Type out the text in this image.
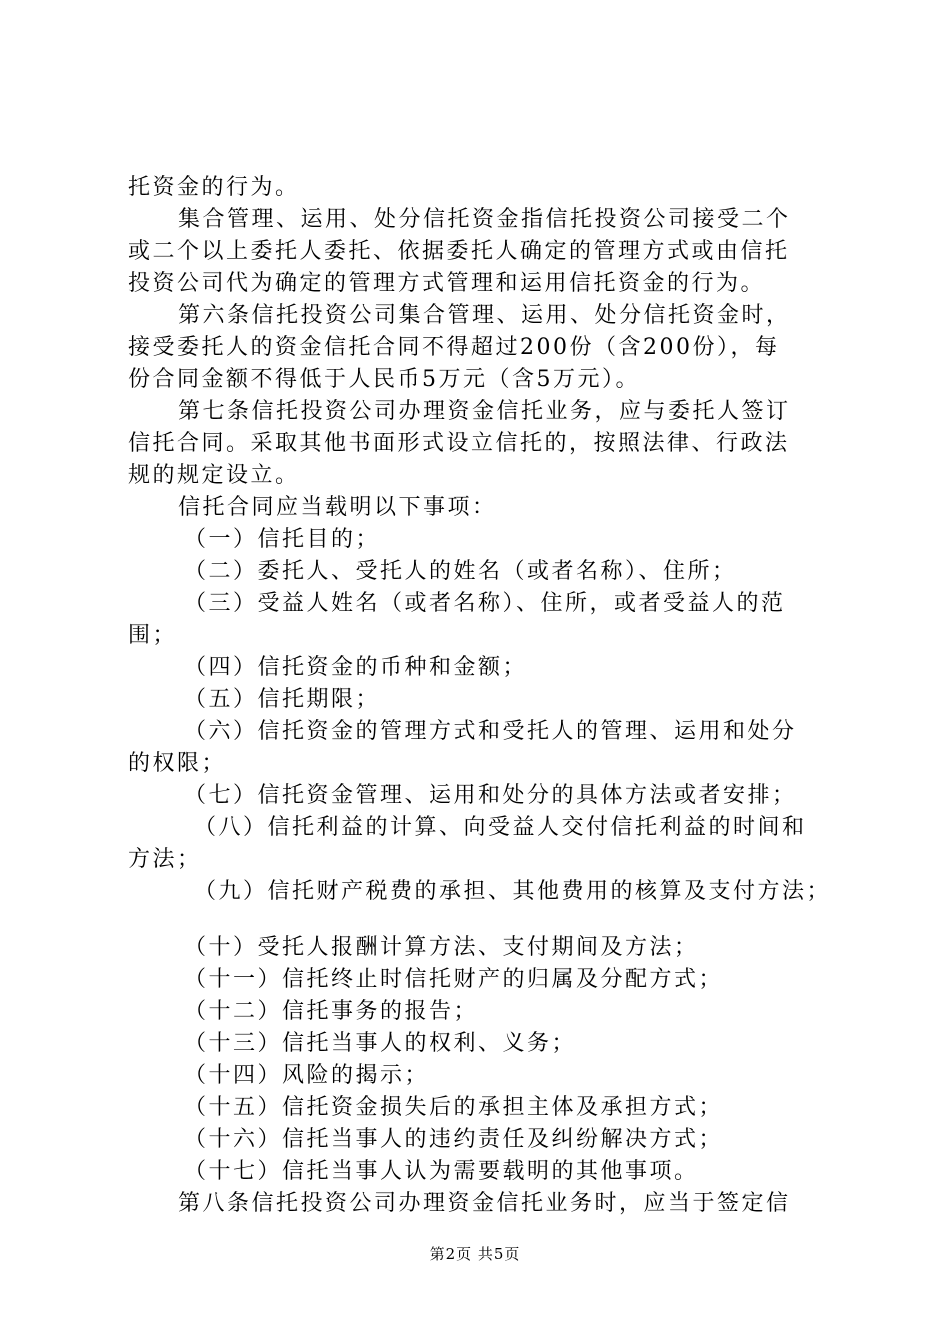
托资金的行为。
集合管理、运用、处分信托资金指信托投资公司接受二个
或二个以上委托人委托、依据委托人确定的管理方式或由信托
投资公司代为确定的管理方式管理和运用信托资金的行为。
第六条信托投资公司集合管理、运用、处分信托资金时，
接受委托人的资金信托合同不得超过200份（含200份），每
份合同金额不得低于人民币5万元（含5万元）。
第七条信托投资公司办理资金信托业务，应与委托人签订
信托合同。采取其他书面形式设立信托的，按照法律、行政法
规的规定设立。
信托合同应当载明以下事项：
（一）信托目的；
（二）委托人、受托人的姓名（或者名称）、住所；
（三）受益人姓名（或者名称）、住所，或者受益人的范
围；
（四）信托资金的币种和金额；
（五）信托期限；
（六）信托资金的管理方式和受托人的管理、运用和处分
的权限；
（七）信托资金管理、运用和处分的具体方法或者安排；
（八）信托利益的计算、向受益人交付信托利益的时间和
方法；
（九）信托财产税费的承担、其他费用的核算及支付方法；
（十）受托人报酬计算方法、支付期间及方法；
（十一）信托终止时信托财产的归属及分配方式；
（十二）信托事务的报告；
（十三）信托当事人的权利、义务；
（十四）风险的揭示；
（十五）信托资金损失后的承担主体及承担方式；
（十六）信托当事人的违约责任及纠纷解决方式；
（十七）信托当事人认为需要载明的其他事项。
第八条信托投资公司办理资金信托业务时，应当于签定信
第2页 共5页
